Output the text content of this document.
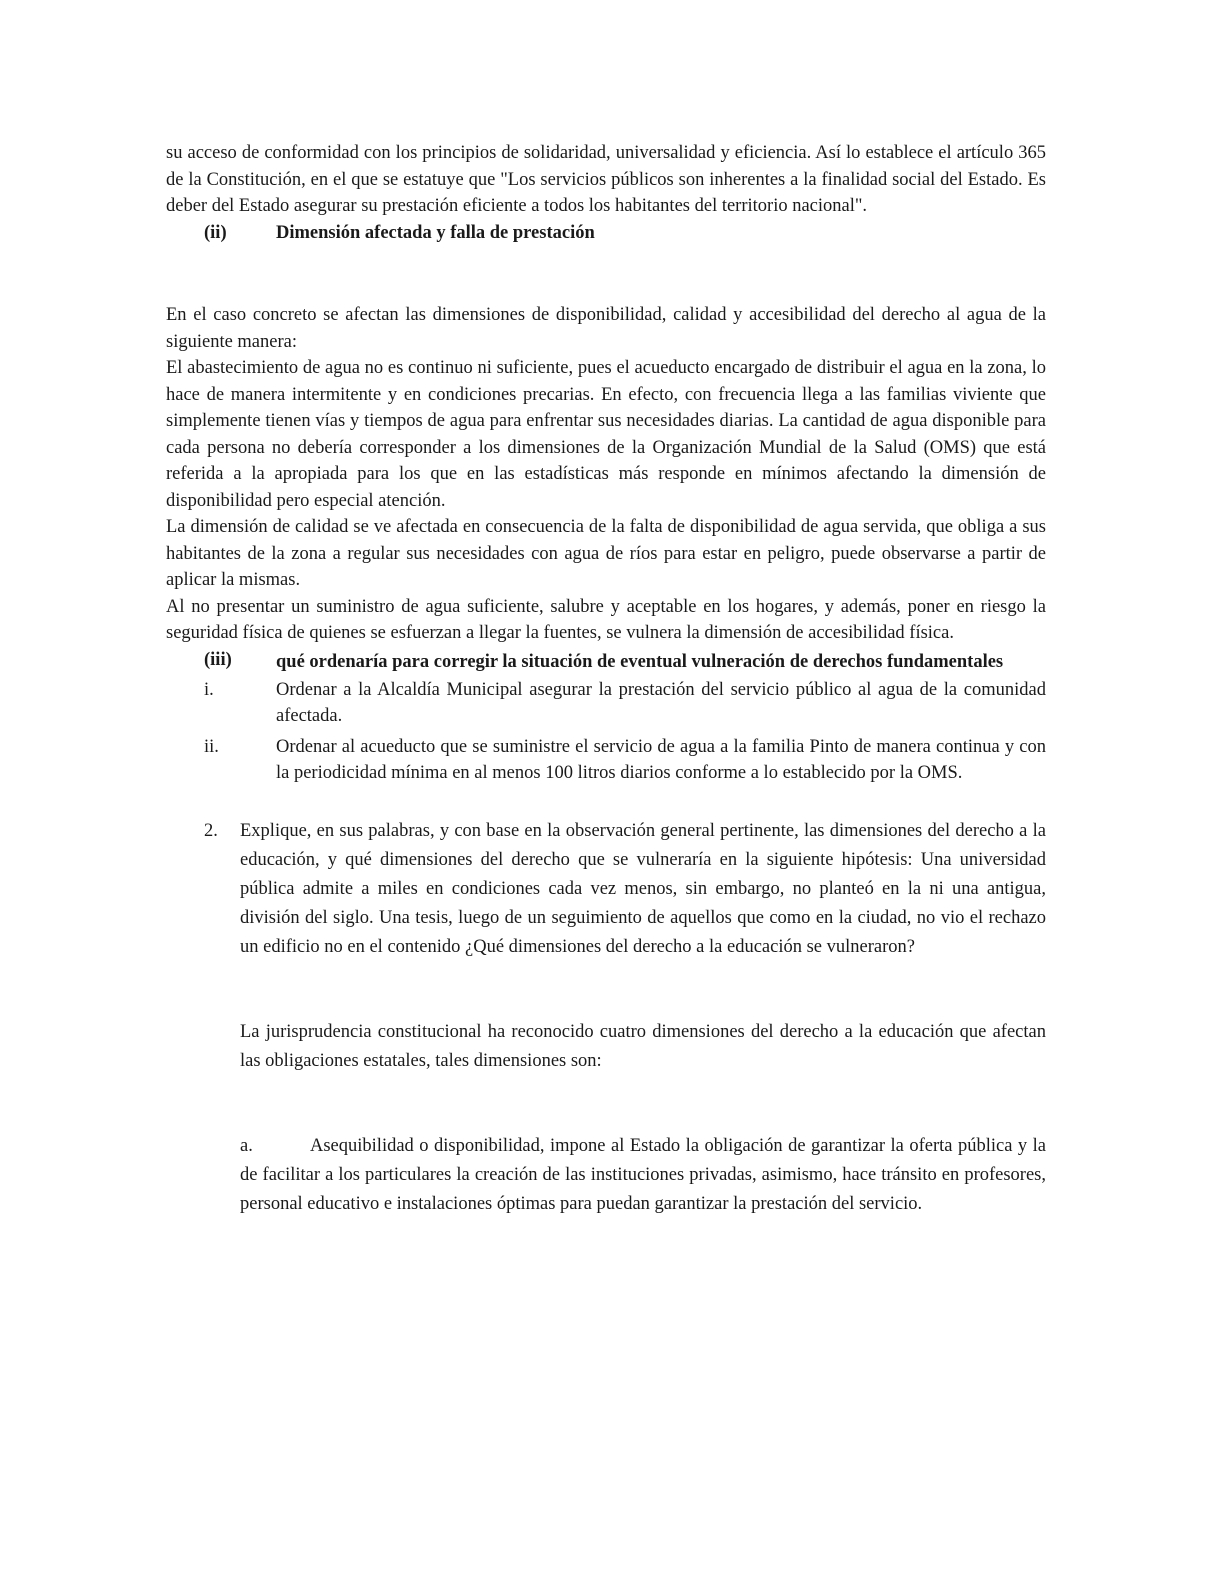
su acceso de conformidad con los principios de solidaridad, universalidad y eficiencia. Así lo establece el artículo 365 de la Constitución, en el que se estatuye que "Los servicios públicos son inherentes a la finalidad social del Estado. Es deber del Estado asegurar su prestación eficiente a todos los habitantes del territorio nacional".

(ii)	Dimensión afectada y falla de prestación

En el caso concreto se afectan las dimensiones de disponibilidad, calidad y accesibilidad del derecho al agua de la siguiente manera:

El abastecimiento de agua no es continuo ni suficiente, pues el acueducto encargado de distribuir el agua en la zona, lo hace de manera intermitente y en condiciones precarias. En efecto, con frecuencia llega a las familias viviente que simplemente tienen vías y tiempos de agua para enfrentar sus necesidades diarias. La cantidad de agua disponible para cada persona no debería corresponder a los dimensiones de la Organización Mundial de la Salud (OMS) que está referida a la apropiada para los que en las estadísticas más responde en mínimos afectando la dimensión de disponibilidad pero especial atención.

La dimensión de calidad se ve afectada en consecuencia de la falta de disponibilidad de agua servida, que obliga a sus habitantes de la zona a regular sus necesidades con agua de ríos para estar en peligro, puede observarse a partir de aplicar la mismas.

Al no presentar un suministro de agua suficiente, salubre y aceptable en los hogares, y además, poner en riesgo la seguridad física de quienes se esfuerzan a llegar la fuentes, se vulnera la dimensión de accesibilidad física.

(iii)	qué ordenaría para corregir la situación de eventual vulneración de derechos fundamentales
i.	Ordenar a la Alcaldía Municipal asegurar la prestación del servicio público al agua de la comunidad afectada.
ii.	Ordenar al acueducto que se suministre el servicio de agua a la familia Pinto de manera continua y con la periodicidad mínima en al menos 100 litros diarios conforme a lo establecido por la OMS.
2.	Explique, en sus palabras, y con base en la observación general pertinente, las dimensiones del derecho a la educación, y qué dimensiones del derecho que se vulneraría en la siguiente hipótesis: Una universidad pública admite a miles en condiciones cada vez menos, sin embargo, no planteó en la ni una antigua, división del siglo. Una tesis, luego de un seguimiento de aquellos que como en la ciudad, no vio el rechazo un edificio no en el contenido ¿Qué dimensiones del derecho a la educación se vulneraron?

La jurisprudencia constitucional ha reconocido cuatro dimensiones del derecho a la educación que afectan las obligaciones estatales, tales dimensiones son:

a.	Asequibilidad o disponibilidad, impone al Estado la obligación de garantizar la oferta pública y la de facilitar a los particulares la creación de las instituciones privadas, asimismo, hace tránsito en profesores, personal educativo e instalaciones óptimas para puedan garantizar la prestación del servicio.
